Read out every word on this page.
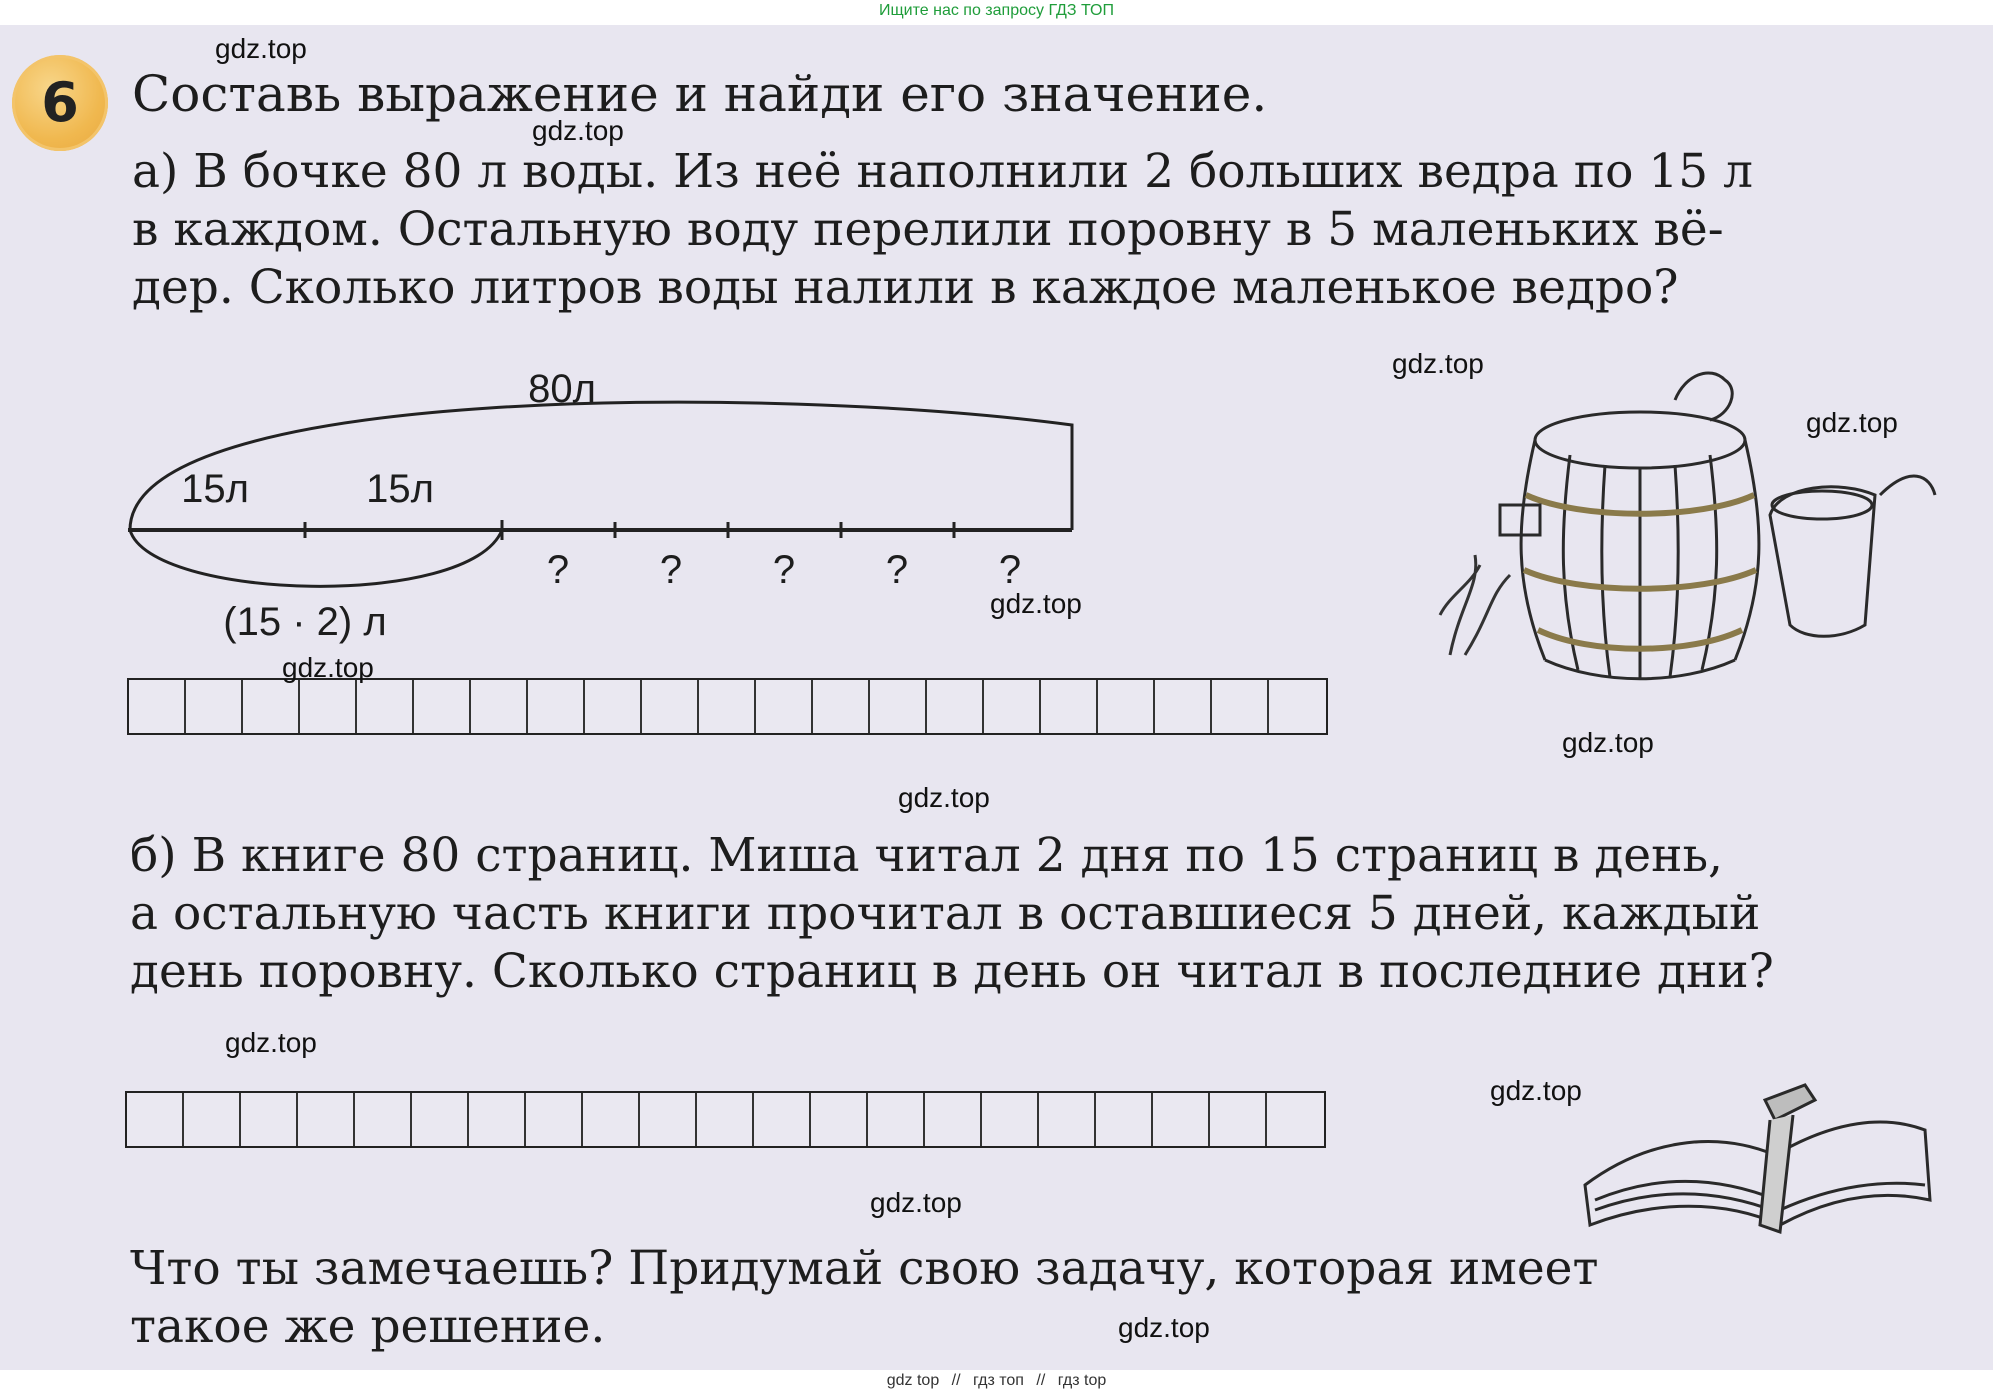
Ищите нас по запросу ГДЗ ТОП
6	Составь выражение и найди его значение.
а) В бочке 80 л воды. Из неё наполнили 2 больших ведра по 15 л
в каждом. Остальную воду перелили поровну в 5 маленьких вё-
дер. Сколько литров воды налили в каждое маленькое ведро?
80л
15л	15л
? ? ? ? ?
(15 · 2) л
б) В книге 80 страниц. Миша читал 2 дня по 15 страниц в день,
а остальную часть книги прочитал в оставшиеся 5 дней, каждый
день поровну. Сколько страниц в день он читал в последние дни?
Что ты замечаешь? Придумай свою задачу, которая имеет
такое же решение.
gdz.top
gdz.top
gdz.top
gdz.top
gdz.top
gdz.top
gdz.top
gdz.top
gdz.top
gdz.top
gdz.top
gdz.top
gdz top // гдз топ // гдз top
